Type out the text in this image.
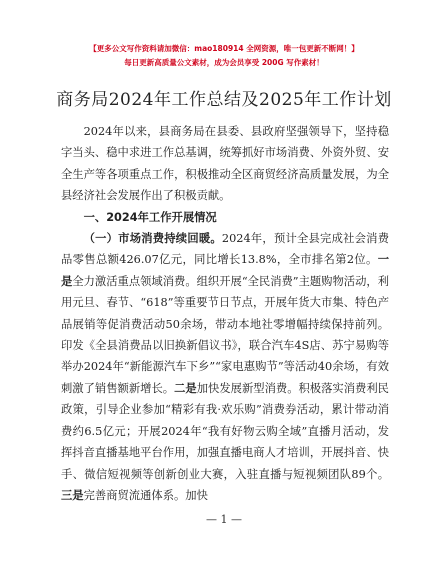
【更多公文写作资料请加微信：mao180914 全网资源，唯一包更新不断网！】
每日更新高质量公文素材，成为会员享受 200G 写作素材！
商务局2024年工作总结及2025年工作计划

2024年以来，县商务局在县委、县政府坚强领导下，坚持稳字当头、稳中求进工作总基调，统筹抓好市场消费、外资外贸、安全生产等各项重点工作，积极推动全区商贸经济高质量发展，为全县经济社会发展作出了积极贡献。

一、2024年工作开展情况

（一）市场消费持续回暖。2024年，预计全县完成社会消费品零售总额426.07亿元，同比增长13.8%，全市排名第2位。一是全力激活重点领域消费。组织开展“全民消费”主题购物活动，利用元旦、春节、“618”等重要节日节点，开展年货大市集、特色产品展销等促消费活动50余场，带动本地社零增幅持续保持前列。印发《全县消费品以旧换新倡议书》，联合汽车4S店、苏宁易购等举办2024年“新能源汽车下乡”“家电惠购节”等活动40余场，有效刺激了销售额新增长。二是加快发展新型消费。积极落实消费利民政策，引导企业参加“精彩有我·欢乐购”消费券活动，累计带动消费约6.5亿元；开展2024年“我有好物云购全域”直播月活动，发挥抖音直播基地平台作用，加强直播电商人才培训，开展抖音、快手、微信短视频等创新创业大赛，入驻直播与短视频团队89个。三是完善商贸流通体系。加快

— 1 —
